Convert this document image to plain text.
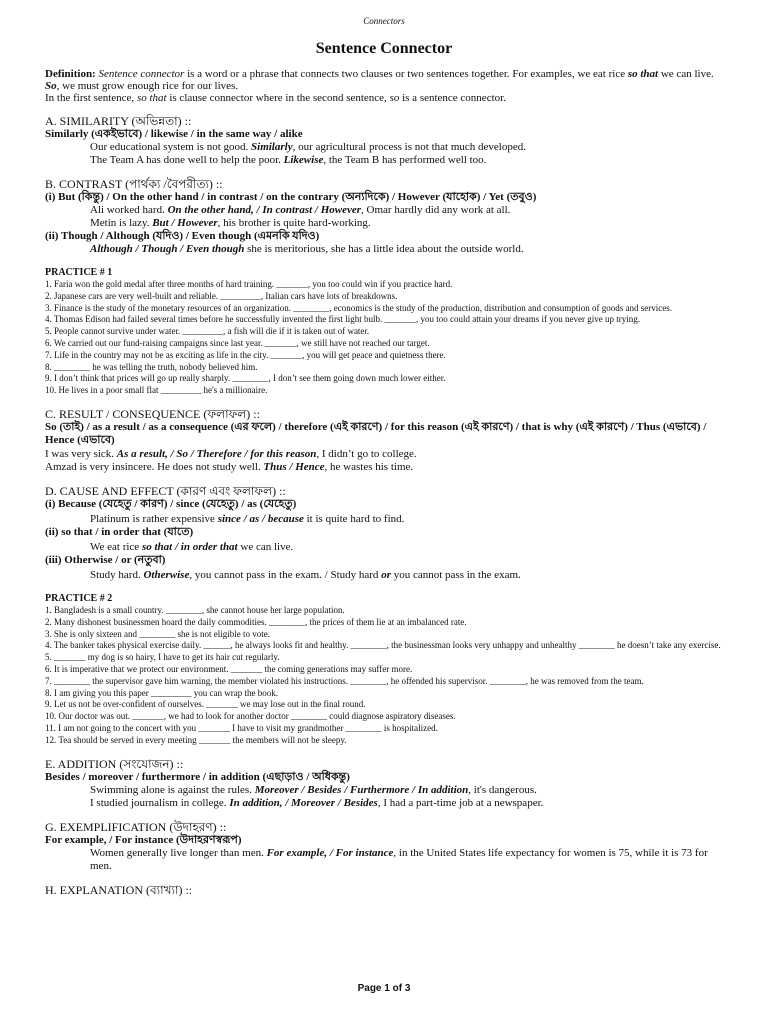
Connectors
Sentence Connector

Definition: Sentence connector is a word or a phrase that connects two clauses or two sentences together. For examples, we eat rice so that we can live. So, we must grow enough rice for our lives.

In the first sentence, so that is clause connector where in the second sentence, so is a sentence connector.

A. SIMILARITY (অভিন্নতা) ::
Similarly (একইভাবে) / likewise / in the same way / alike
Our educational system is not good. Similarly, our agricultural process is not that much developed.
The Team A has done well to help the poor. Likewise, the Team B has performed well too.
B. CONTRAST (পার্থক্য /বৈপরীত্য) ::
(i) But (কিন্তু) / On the other hand / in contrast / on the contrary (অন্যদিকে) / However (যাহোক) / Yet (তবুও)
Ali worked hard. On the other hand, / In contrast / However, Omar hardly did any work at all.
Metin is lazy. But / However, his brother is quite hard-working.
(ii) Though / Although (যদিও) / Even though (এমনকি যদিও)
Although / Though / Even though she is meritorious, she has a little idea about the outside world.
PRACTICE # 1

1. Faria won the gold medal after three months of hard training. _______, you too could win if you practice hard.

2. Japanese cars are very well-built and reliable. _________, Italian cars have lots of breakdowns.

3. Finance is the study of the monetary resources of an organization. ________, economics is the study of the production, distribution and consumption of goods and services.

4. Thomas Edison had failed several times before he successfully invented the first light bulb. _______, you too could attain your dreams if you never give up trying.

5. People cannot survive under water. _________, a fish will die if it is taken out of water.

6. We carried out our fund-raising campaigns since last year. _______, we still have not reached our target.

7. Life in the country may not be as exciting as life in the city. _______, you will get peace and quietness there.

8. ________ he was telling the truth, nobody believed him.

9. I don’t think that prices will go up really sharply. ________, I don’t see them going down much lower either.

10. He lives in a poor small flat _________ he's a millionaire.

C. RESULT / CONSEQUENCE (ফলাফল) ::
So (তাই) / as a result / as a consequence (এর ফলে) / therefore (এই কারণে) / for this reason (এই কারণে) / that is why (এই কারণে) / Thus (এভাবে) / Hence (এভাবে)
I was very sick. As a result, / So / Therefore / for this reason, I didn’t go to college.
Amzad is very insincere. He does not study well. Thus / Hence, he wastes his time.
D. CAUSE AND EFFECT (কারণ এবং ফলাফল) ::
(i) Because (যেহেতু / কারণ) / since (যেহেতু) / as (যেহেতু)
Platinum is rather expensive since / as / because it is quite hard to find.
(ii) so that / in order that (যাতে)
We eat rice so that / in order that we can live.
(iii) Otherwise / or (নতুবা)
Study hard. Otherwise, you cannot pass in the exam. / Study hard or you cannot pass in the exam.
PRACTICE # 2

1. Bangladesh is a small country. ________, she cannot house her large population.

2. Many dishonest businessmen hoard the daily commodities. ________, the prices of them lie at an imbalanced rate.

3. She is only sixteen and ________ she is not eligible to vote.

4. The banker takes physical exercise daily. ______, he always looks fit and healthy. ________, the businessman looks very unhappy and unhealthy ________ he doesn’t take any exercise.

5. _______ my dog is so hairy, I have to get its hair cut regularly.

6. It is imperative that we protect our environment. _______ the coming generations may suffer more.

7. ________ the supervisor gave him warning, the member violated his instructions. ________, he offended his supervisor. ________, he was removed from the team.

8. I am giving you this paper _________ you can wrap the book.

9. Let us not be over-confident of ourselves. _______ we may lose out in the final round.

10. Our doctor was out. _______, we had to look for another doctor ________ could diagnose aspiratory diseases.

11. I am not going to the concert with you _______ I have to visit my grandmother ________ is hospitalized.

12. Tea should be served in every meeting _______ the members will not be sleepy.

E. ADDITION (সংযোজন) ::
Besides / moreover / furthermore / in addition (এছাড়াও / অধিকন্তু)
Swimming alone is against the rules. Moreover / Besides / Furthermore / In addition, it's dangerous.
I studied journalism in college. In addition, / Moreover / Besides, I had a part-time job at a newspaper.
G. EXEMPLIFICATION (উদাহরণ) ::
For example, / For instance (উদাহরণস্বরূপ)
Women generally live longer than men. For example, / For instance, in the United States life expectancy for women is 75, while it is 73 for men.
H. EXPLANATION (ব্যাখ্যা) ::
Page 1 of 3
